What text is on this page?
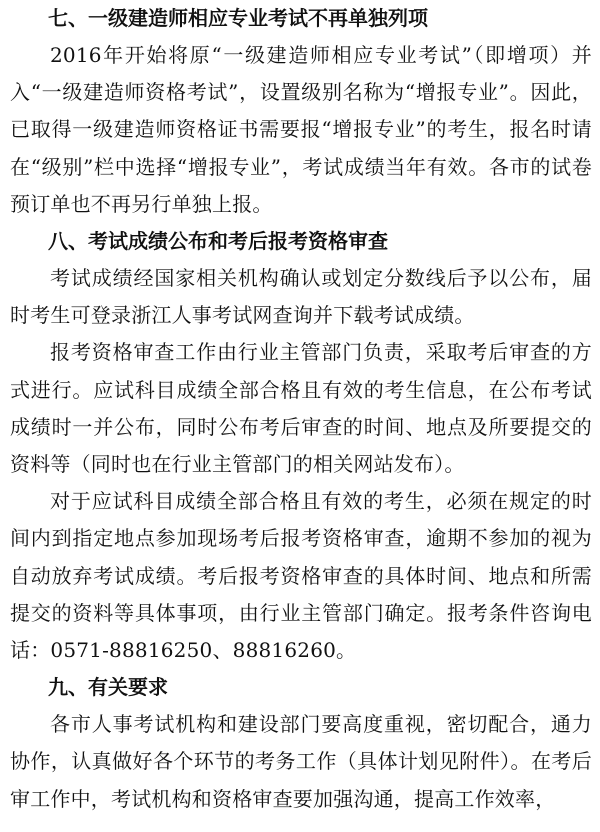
七、一级建造师相应专业考试不再单独列项

2016年开始将原“一级建造师相应专业考试”（即增项）并入“一级建造师资格考试”，设置级别名称为“增报专业”。因此，已取得一级建造师资格证书需要报“增报专业”的考生，报名时请在“级别”栏中选择“增报专业”，考试成绩当年有效。各市的试卷预订单也不再另行单独上报。

八、考试成绩公布和考后报考资格审查

考试成绩经国家相关机构确认或划定分数线后予以公布，届时考生可登录浙江人事考试网查询并下载考试成绩。

报考资格审查工作由行业主管部门负责，采取考后审查的方式进行。应试科目成绩全部合格且有效的考生信息，在公布考试成绩时一并公布，同时公布考后审查的时间、地点及所要提交的资料等（同时也在行业主管部门的相关网站发布）。

对于应试科目成绩全部合格且有效的考生，必须在规定的时间内到指定地点参加现场考后报考资格审查，逾期不参加的视为自动放弃考试成绩。考后报考资格审查的具体时间、地点和所需提交的资料等具体事项，由行业主管部门确定。报考条件咨询电话：0571-88816250、88816260。

九、有关要求

各市人事考试机构和建设部门要高度重视，密切配合，通力协作，认真做好各个环节的考务工作（具体计划见附件）。在考后审工作中，考试机构和资格审查要加强沟通，提高工作效率，
